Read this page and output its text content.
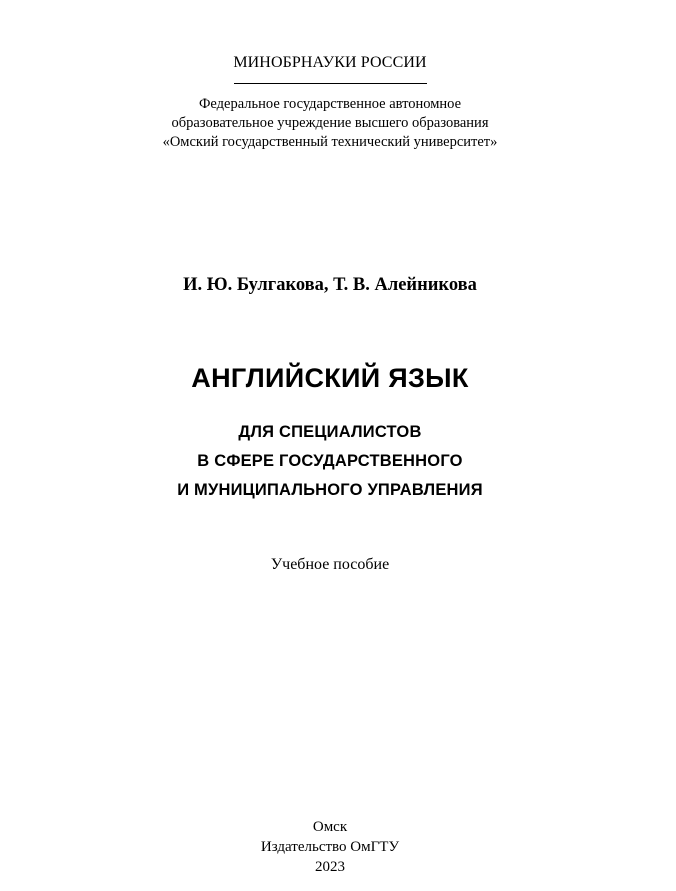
МИНОБРНАУКИ РОССИИ
Федеральное государственное автономное
образовательное учреждение высшего образования
«Омский государственный технический университет»
И. Ю. Булгакова, Т. В. Алейникова
АНГЛИЙСКИЙ ЯЗЫК
ДЛЯ СПЕЦИАЛИСТОВ
В СФЕРЕ ГОСУДАРСТВЕННОГО
И МУНИЦИПАЛЬНОГО УПРАВЛЕНИЯ
Учебное пособие
Омск
Издательство ОмГТУ
2023
